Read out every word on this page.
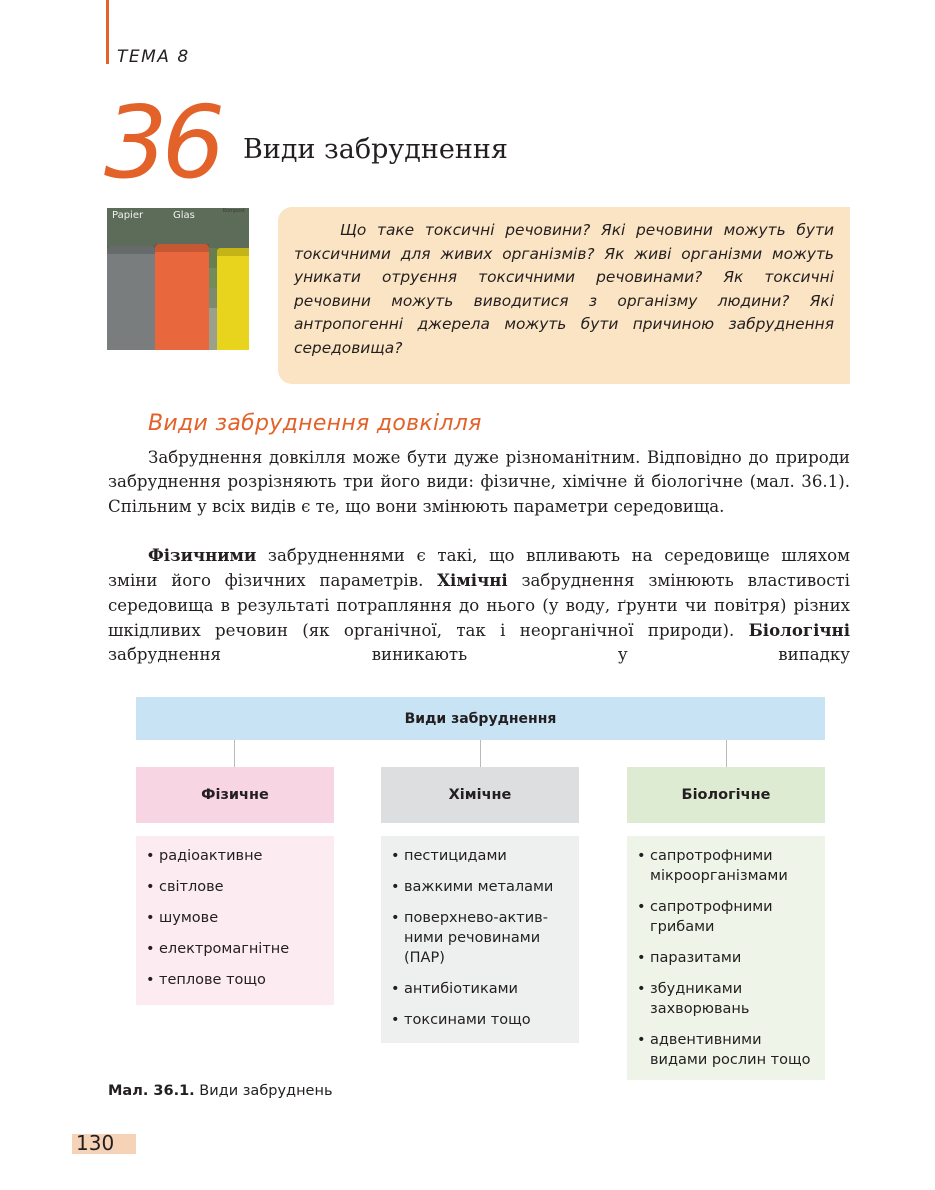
ТЕМА 8
36 Види забруднення
Papier	Glas	Kompost
Що таке токсичні речовини? Які речовини можуть бути токсичними для живих організмів? Як живі організми можуть уникати отруєння токсичними речовинами? Як токсичні речовини можуть виводитися з організму людини? Які антропогенні джерела можуть бути причиною забруднення середовища?
Види забруднення довкілля
Забруднення довкілля може бути дуже різноманітним. Відповідно до природи забруднення розрізняють три його види: фізичне, хімічне й біологічне (мал. 36.1). Спільним у всіх видів є те, що вони змінюють параметри середовища.
Фізичними забрудненнями є такі, що впливають на середовище шляхом зміни його фізичних параметрів. Хімічні забруднення змінюють властивості середовища в результаті потрапляння до нього (у воду, ґрунти чи повітря) різних шкідливих речовин (як органічної, так і неорганічної природи). Біологічні забруднення виникають у випадку
Види забруднення
Фізичне	Хімічне	Біологічне
• радіоактивне
• світлове
• шумове
• електромагнітне
• теплове тощо
• пестицидами
• важкими металами
• поверхнево-активними речовинами (ПАР)
• антибіотиками
• токсинами тощо
• сапротрофними мікроорганізмами
• сапротрофними грибами
• паразитами
• збудниками захворювань
• адвентивними видами рослин тощо
Мал. 36.1. Види забруднень
130
